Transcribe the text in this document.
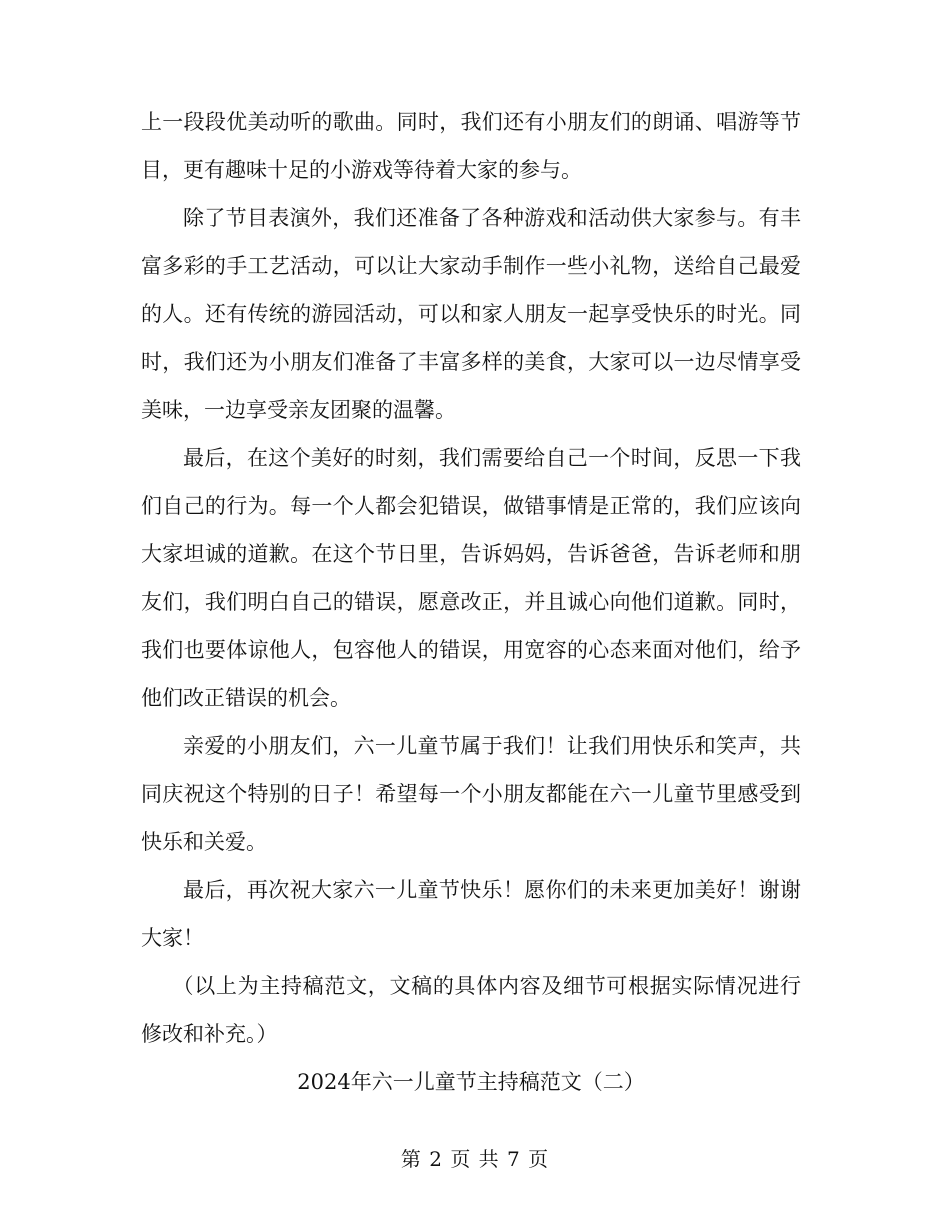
上一段段优美动听的歌曲。同时，我们还有小朋友们的朗诵、唱游等节目，更有趣味十足的小游戏等待着大家的参与。

除了节目表演外，我们还准备了各种游戏和活动供大家参与。有丰富多彩的手工艺活动，可以让大家动手制作一些小礼物，送给自己最爱的人。还有传统的游园活动，可以和家人朋友一起享受快乐的时光。同时，我们还为小朋友们准备了丰富多样的美食，大家可以一边尽情享受美味，一边享受亲友团聚的温馨。

最后，在这个美好的时刻，我们需要给自己一个时间，反思一下我们自己的行为。每一个人都会犯错误，做错事情是正常的，我们应该向大家坦诚的道歉。在这个节日里，告诉妈妈，告诉爸爸，告诉老师和朋友们，我们明白自己的错误，愿意改正，并且诚心向他们道歉。同时，我们也要体谅他人，包容他人的错误，用宽容的心态来面对他们，给予他们改正错误的机会。

亲爱的小朋友们，六一儿童节属于我们！让我们用快乐和笑声，共同庆祝这个特别的日子！希望每一个小朋友都能在六一儿童节里感受到快乐和关爱。

最后，再次祝大家六一儿童节快乐！愿你们的未来更加美好！谢谢大家！

（以上为主持稿范文，文稿的具体内容及细节可根据实际情况进行修改和补充。）

2024年六一儿童节主持稿范文（二）

第 2 页 共 7 页
